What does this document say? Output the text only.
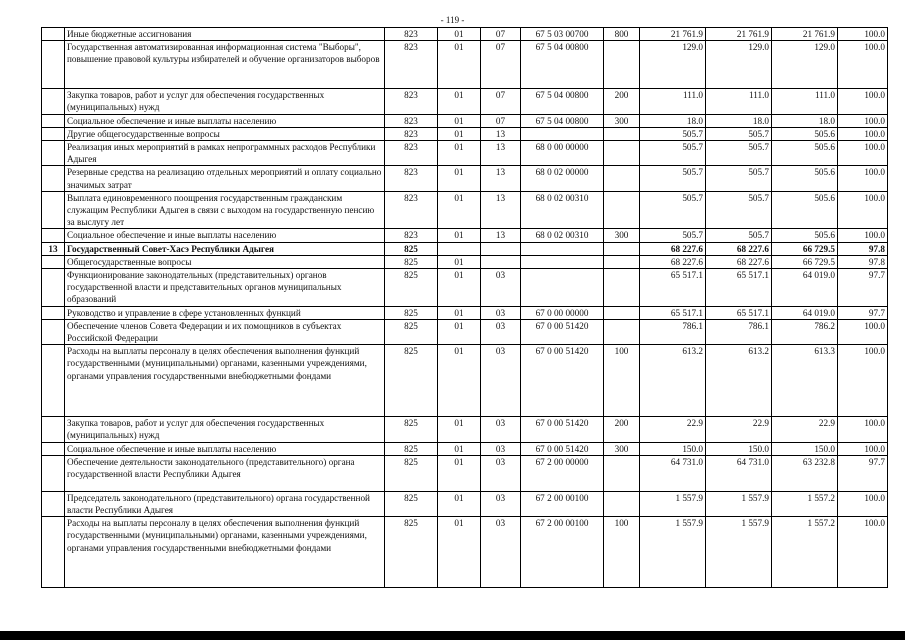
- 119 -
	Иные бюджетные ассигнования	823	01	07	67 5 03 00700	800	21 761.9	21 761.9	21 761.9	100.0
	Государственная автоматизированная информационная система "Выборы", повышение правовой культуры избирателей и обучение организаторов выборов	823	01	07	67 5 04 00800		129.0	129.0	129.0	100.0
	Закупка товаров, работ и услуг для обеспечения государственных (муниципальных) нужд	823	01	07	67 5 04 00800	200	111.0	111.0	111.0	100.0
	Социальное обеспечение и иные выплаты населению	823	01	07	67 5 04 00800	300	18.0	18.0	18.0	100.0
	Другие общегосударственные вопросы	823	01	13			505.7	505.7	505.6	100.0
	Реализация иных мероприятий в рамках непрограммных расходов Республики Адыгея	823	01	13	68 0 00 00000		505.7	505.7	505.6	100.0
	Резервные средства на реализацию отдельных мероприятий и оплату социально значимых затрат	823	01	13	68 0 02 00000		505.7	505.7	505.6	100.0
	Выплата единовременного поощрения государственным гражданским служащим Республики Адыгея в связи с выходом на государственную пенсию за выслугу лет	823	01	13	68 0 02 00310		505.7	505.7	505.6	100.0
	Социальное обеспечение и иные выплаты населению	823	01	13	68 0 02 00310	300	505.7	505.7	505.6	100.0
13	Государственный Совет-Хасэ Республики Адыгея	825					68 227.6	68 227.6	66 729.5	97.8
	Общегосударственные вопросы	825	01				68 227.6	68 227.6	66 729.5	97.8
	Функционирование законодательных (представительных) органов государственной власти и представительных органов муниципальных образований	825	01	03			65 517.1	65 517.1	64 019.0	97.7
	Руководство и управление в сфере установленных функций	825	01	03	67 0 00 00000		65 517.1	65 517.1	64 019.0	97.7
	Обеспечение членов Совета Федерации и их помощников в субъектах Российской Федерации	825	01	03	67 0 00 51420		786.1	786.1	786.2	100.0
	Расходы на выплаты персоналу в целях обеспечения выполнения функций государственными (муниципальными) органами, казенными учреждениями, органами управления государственными внебюджетными фондами	825	01	03	67 0 00 51420	100	613.2	613.2	613.3	100.0
	Закупка товаров, работ и услуг для обеспечения государственных (муниципальных) нужд	825	01	03	67 0 00 51420	200	22.9	22.9	22.9	100.0
	Социальное обеспечение и иные выплаты населению	825	01	03	67 0 00 51420	300	150.0	150.0	150.0	100.0
	Обеспечение деятельности законодательного (представительного) органа государственной власти Республики Адыгея	825	01	03	67 2 00 00000		64 731.0	64 731.0	63 232.8	97.7
	Председатель законодательного (представительного) органа государственной власти Республики Адыгея	825	01	03	67 2 00 00100		1 557.9	1 557.9	1 557.2	100.0
	Расходы на выплаты персоналу в целях обеспечения выполнения функций государственными (муниципальными) органами, казенными учреждениями, органами управления государственными внебюджетными фондами	825	01	03	67 2 00 00100	100	1 557.9	1 557.9	1 557.2	100.0
